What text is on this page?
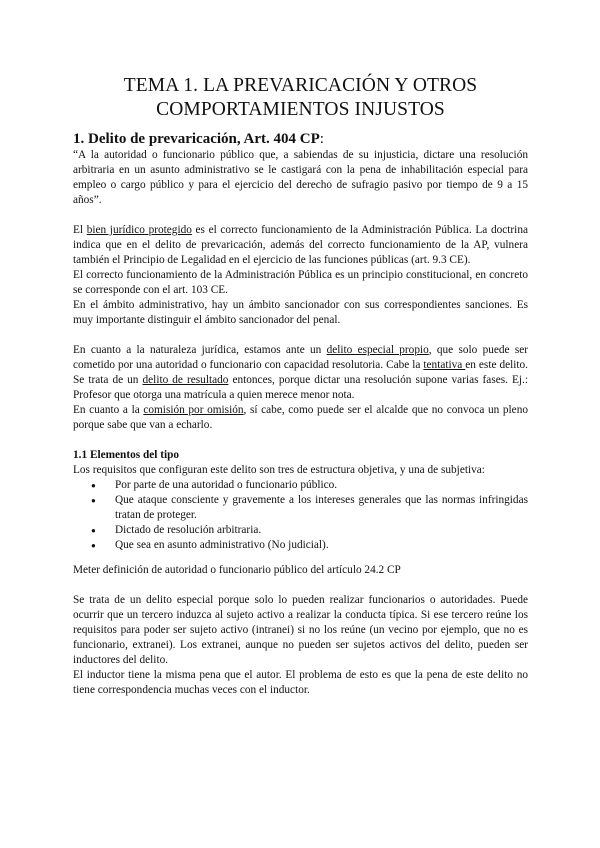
TEMA 1. LA PREVARICACIÓN Y OTROS
COMPORTAMIENTOS INJUSTOS
1. Delito de prevaricación, Art. 404 CP:

“A la autoridad o funcionario público que, a sabiendas de su injusticia, dictare una resolución arbitraria en un asunto administrativo se le castigará con la pena de inhabilitación especial para empleo o cargo público y para el ejercicio del derecho de sufragio pasivo por tiempo de 9 a 15 años”.

El bien jurídico protegido es el correcto funcionamiento de la Administración Pública. La doctrina indica que en el delito de prevaricación, además del correcto funcionamiento de la AP, vulnera también el Principio de Legalidad en el ejercicio de las funciones públicas (art. 9.3 CE).

El correcto funcionamiento de la Administración Pública es un principio constitucional, en concreto se corresponde con el art. 103 CE.

En el ámbito administrativo, hay un ámbito sancionador con sus correspondientes sanciones. Es muy importante distinguir el ámbito sancionador del penal.

En cuanto a la naturaleza jurídica, estamos ante un delito especial propio, que solo puede ser cometido por una autoridad o funcionario con capacidad resolutoria. Cabe la tentativa en este delito. Se trata de un delito de resultado entonces, porque dictar una resolución supone varias fases. Ej.: Profesor que otorga una matrícula a quien merece menor nota.

En cuanto a la comisión por omisión, sí cabe, como puede ser el alcalde que no convoca un pleno porque sabe que van a echarlo.

1.1 Elementos del tipo

Los requisitos que configuran este delito son tres de estructura objetiva, y una de subjetiva:

● Por parte de una autoridad o funcionario público.
● Que ataque consciente y gravemente a los intereses generales que las normas infringidas tratan de proteger.
● Dictado de resolución arbitraria.
● Que sea en asunto administrativo (No judicial).

Meter definición de autoridad o funcionario público del artículo 24.2 CP

Se trata de un delito especial porque solo lo pueden realizar funcionarios o autoridades. Puede ocurrir que un tercero induzca al sujeto activo a realizar la conducta típica. Si ese tercero reúne los requisitos para poder ser sujeto activo (intranei) si no los reúne (un vecino por ejemplo, que no es funcionario, extranei). Los extranei, aunque no pueden ser sujetos activos del delito, pueden ser inductores del delito.

El inductor tiene la misma pena que el autor. El problema de esto es que la pena de este delito no tiene correspondencia muchas veces con el inductor.
